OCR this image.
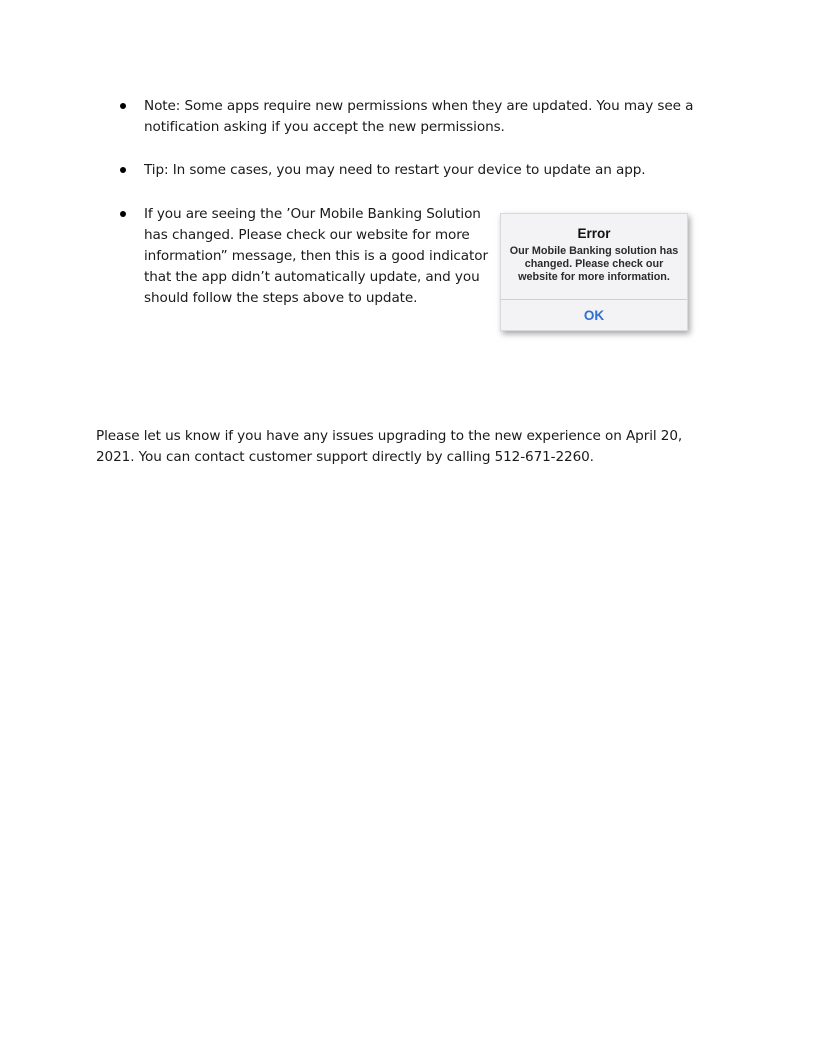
Note: Some apps require new permissions when they are updated. You may see a notification asking if you accept the new permissions.
Tip: In some cases, you may need to restart your device to update an app.
If you are seeing the ’Our Mobile Banking Solution has changed. Please check our website for more information” message, then this is a good indicator that the app didn’t automatically update, and you should follow the steps above to update.
Error
Our Mobile Banking solution has changed. Please check our website for more information.
OK

Please let us know if you have any issues upgrading to the new experience on April 20, 2021. You can contact customer support directly by calling 512-671-2260.
